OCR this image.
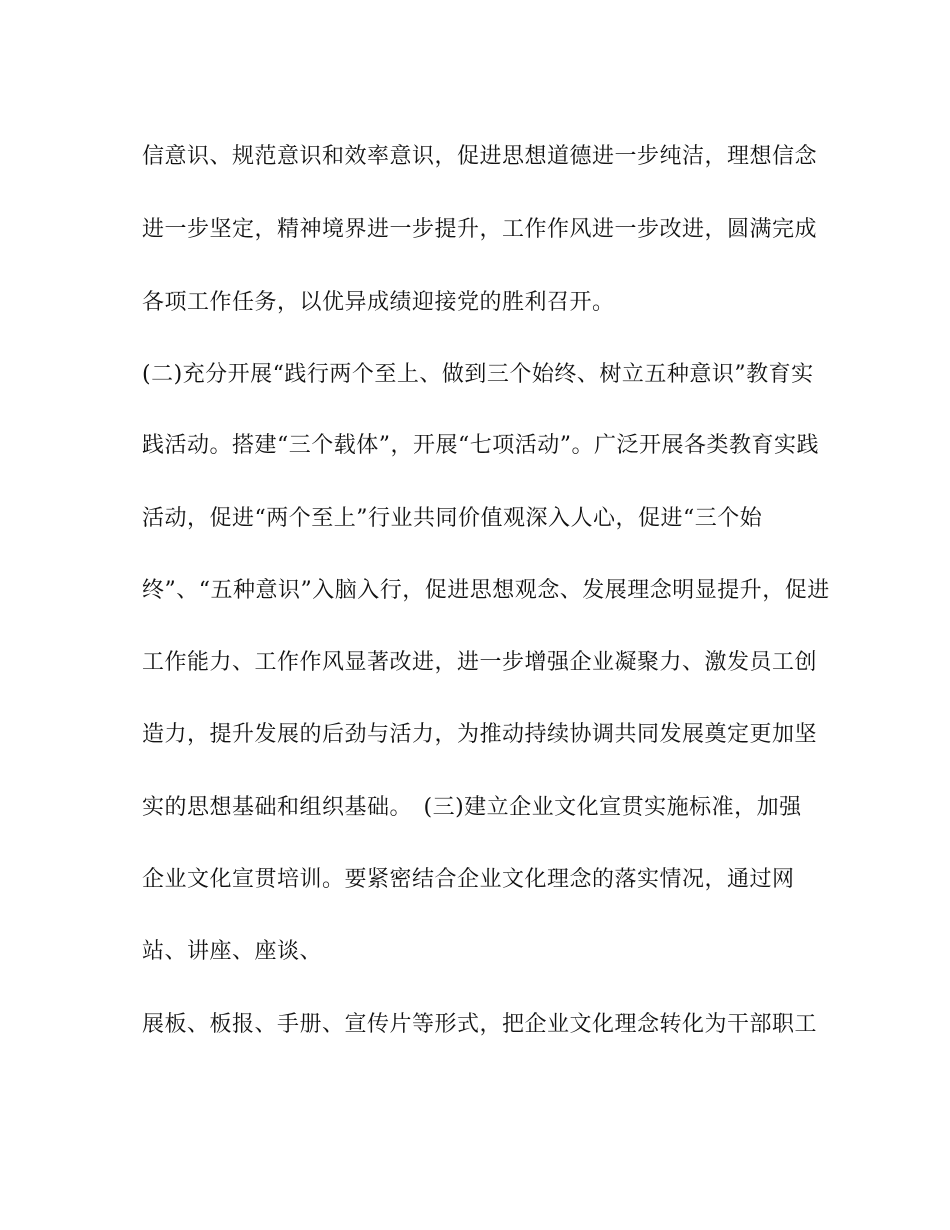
信意识、规范意识和效率意识，促进思想道德进一步纯洁，理想信念

进一步坚定，精神境界进一步提升，工作作风进一步改进，圆满完成

各项工作任务，以优异成绩迎接党的胜利召开。

(二)充分开展“践行两个至上、做到三个始终、树立五种意识”教育实

践活动。搭建“三个载体”，开展“七项活动”。广泛开展各类教育实践

活动，促进“两个至上”行业共同价值观深入人心，促进“三个始

终”、“五种意识”入脑入行，促进思想观念、发展理念明显提升，促进

工作能力、工作作风显著改进，进一步增强企业凝聚力、激发员工创

造力，提升发展的后劲与活力，为推动持续协调共同发展奠定更加坚

实的思想基础和组织基础。　(三)建立企业文化宣贯实施标准，加强

企业文化宣贯培训。要紧密结合企业文化理念的落实情况，通过网

站、讲座、座谈、

展板、板报、手册、宣传片等形式，把企业文化理念转化为干部职工
